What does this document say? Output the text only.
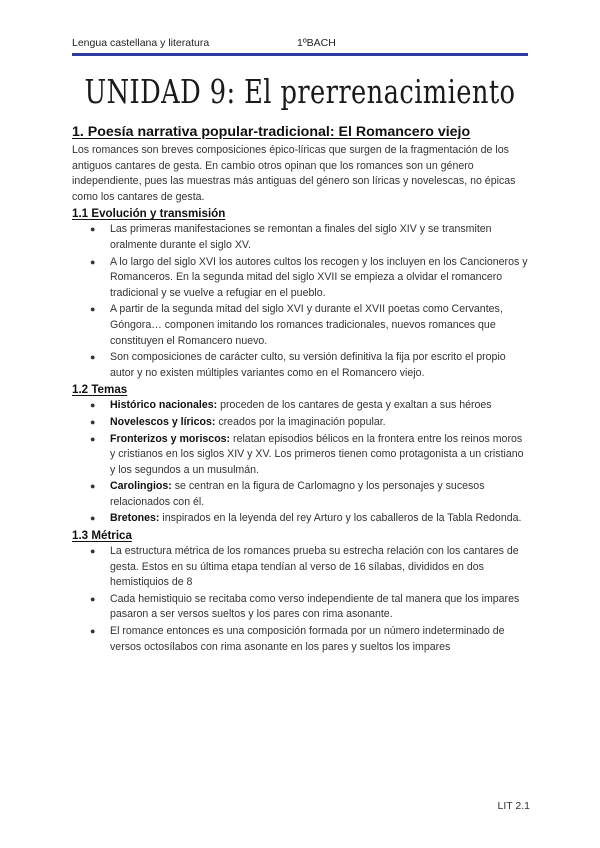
Lengua castellana y literatura	1ºBACH
UNIDAD 9: El prerrenacimiento
1. Poesía narrativa popular-tradicional: El Romancero viejo

Los romances son breves composiciones épico-líricas que surgen de la fragmentación de los antiguos cantares de gesta. En cambio otros opinan que los romances son un género independiente, pues las muestras más antiguas del género son líricas y novelescas, no épicas como los cantares de gesta.

1.1 Evolución y transmisión
● Las primeras manifestaciones se remontan a finales del siglo XIV y se transmiten oralmente durante el siglo XV.
● A lo largo del siglo XVI los autores cultos los recogen y los incluyen en los Cancioneros y Romanceros. En la segunda mitad del siglo XVII se empieza a olvidar el romancero tradicional y se vuelve a refugiar en el pueblo.
● A partir de la segunda mitad del siglo XVI y durante el XVII poetas como Cervantes, Góngora… componen imitando los romances tradicionales, nuevos romances que constituyen el Romancero nuevo.
● Son composiciones de carácter culto, su versión definitiva la fija por escrito el propio autor y no existen múltiples variantes como en el Romancero viejo.
1.2 Temas
● Histórico nacionales: proceden de los cantares de gesta y exaltan a sus héroes
● Novelescos y líricos: creados por la imaginación popular.
● Fronterizos y moriscos: relatan episodios bélicos en la frontera entre los reinos moros y cristianos en los siglos XIV y XV. Los primeros tienen como protagonista a un cristiano y los segundos a un musulmán.
● Carolingios: se centran en la figura de Carlomagno y los personajes y sucesos relacionados con él.
● Bretones: inspirados en la leyenda del rey Arturo y los caballeros de la Tabla Redonda.
1.3 Métrica
● La estructura métrica de los romances prueba su estrecha relación con los cantares de gesta. Estos en su última etapa tendían al verso de 16 sílabas, divididos en dos hemistiquios de 8
● Cada hemistiquio se recitaba como verso independiente de tal manera que los impares pasaron a ser versos sueltos y los pares con rima asonante.
● El romance entonces es una composición formada por un número indeterminado de versos octosílabos con rima asonante en los pares y sueltos los impares
LIT 2.1
